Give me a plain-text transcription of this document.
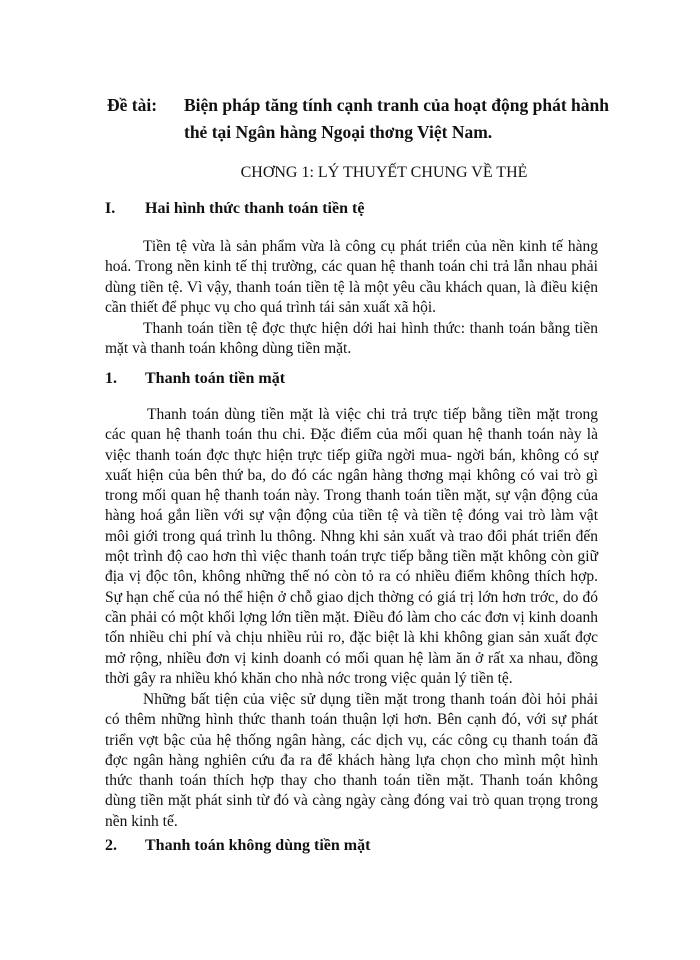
Đề tài:	Biện pháp tăng tính cạnh tranh của hoạt động phát hành thẻ tại Ngân hàng Ngoại thơng Việt Nam.
CHƠNG 1: LÝ THUYẾT CHUNG VỀ THẺ
I.	Hai hình thức thanh toán tiền tệ

Tiền tệ vừa là sản phẩm vừa là công cụ phát triển của nền kinh tế hàng hoá. Trong nền kinh tế thị trường, các quan hệ thanh toán chi trả lẫn nhau phải dùng tiền tệ. Vì vậy, thanh toán tiền tệ là một yêu cầu khách quan, là điều kiện cần thiết để phục vụ cho quá trình tái sản xuất xã hội.

Thanh toán tiền tệ đợc thực hiện dới hai hình thức: thanh toán bằng tiền mặt và thanh toán không dùng tiền mặt.

1.	Thanh toán tiền mặt

Thanh toán dùng tiền mặt là việc chi trả trực tiếp bằng tiền mặt trong các quan hệ thanh toán thu chi. Đặc điểm của mối quan hệ thanh toán này là việc thanh toán đợc thực hiện trực tiếp giữa ngời mua- ngời bán, không có sự xuất hiện của bên thứ ba, do đó các ngân hàng thơng mại không có vai trò gì trong mối quan hệ thanh toán này. Trong thanh toán tiền mặt, sự vận động của hàng hoá gắn liền với sự vận động của tiền tệ và tiền tệ đóng vai trò làm vật môi giới trong quá trình lu thông. Nhng khi sản xuất và trao đổi phát triển đến một trình độ cao hơn thì việc thanh toán trực tiếp bằng tiền mặt không còn giữ địa vị độc tôn, không những thế nó còn tỏ ra có nhiều điểm không thích hợp. Sự hạn chế của nó thể hiện ở chỗ giao dịch thờng có giá trị lớn hơn trớc, do đó cần phải có một khối lợng lớn tiền mặt. Điều đó làm cho các đơn vị kinh doanh tốn nhiều chi phí và chịu nhiều rủi ro, đặc biệt là khi không gian sản xuất đợc mở rộng, nhiều đơn vị kinh doanh có mối quan hệ làm ăn ở rất xa nhau, đồng thời gây ra nhiều khó khăn cho nhà nớc trong việc quản lý tiền tệ.

Những bất tiện của việc sử dụng tiền mặt trong thanh toán đòi hỏi phải có thêm những hình thức thanh toán thuận lợi hơn. Bên cạnh đó, với sự phát triển vợt bậc của hệ thống ngân hàng, các dịch vụ, các công cụ thanh toán đã đợc ngân hàng nghiên cứu đa ra để khách hàng lựa chọn cho mình một hình thức thanh toán thích hợp thay cho thanh toán tiền mặt. Thanh toán không dùng tiền mặt phát sinh từ đó và càng ngày càng đóng vai trò quan trọng trong nền kinh tế.

2.	Thanh toán không dùng tiền mặt
